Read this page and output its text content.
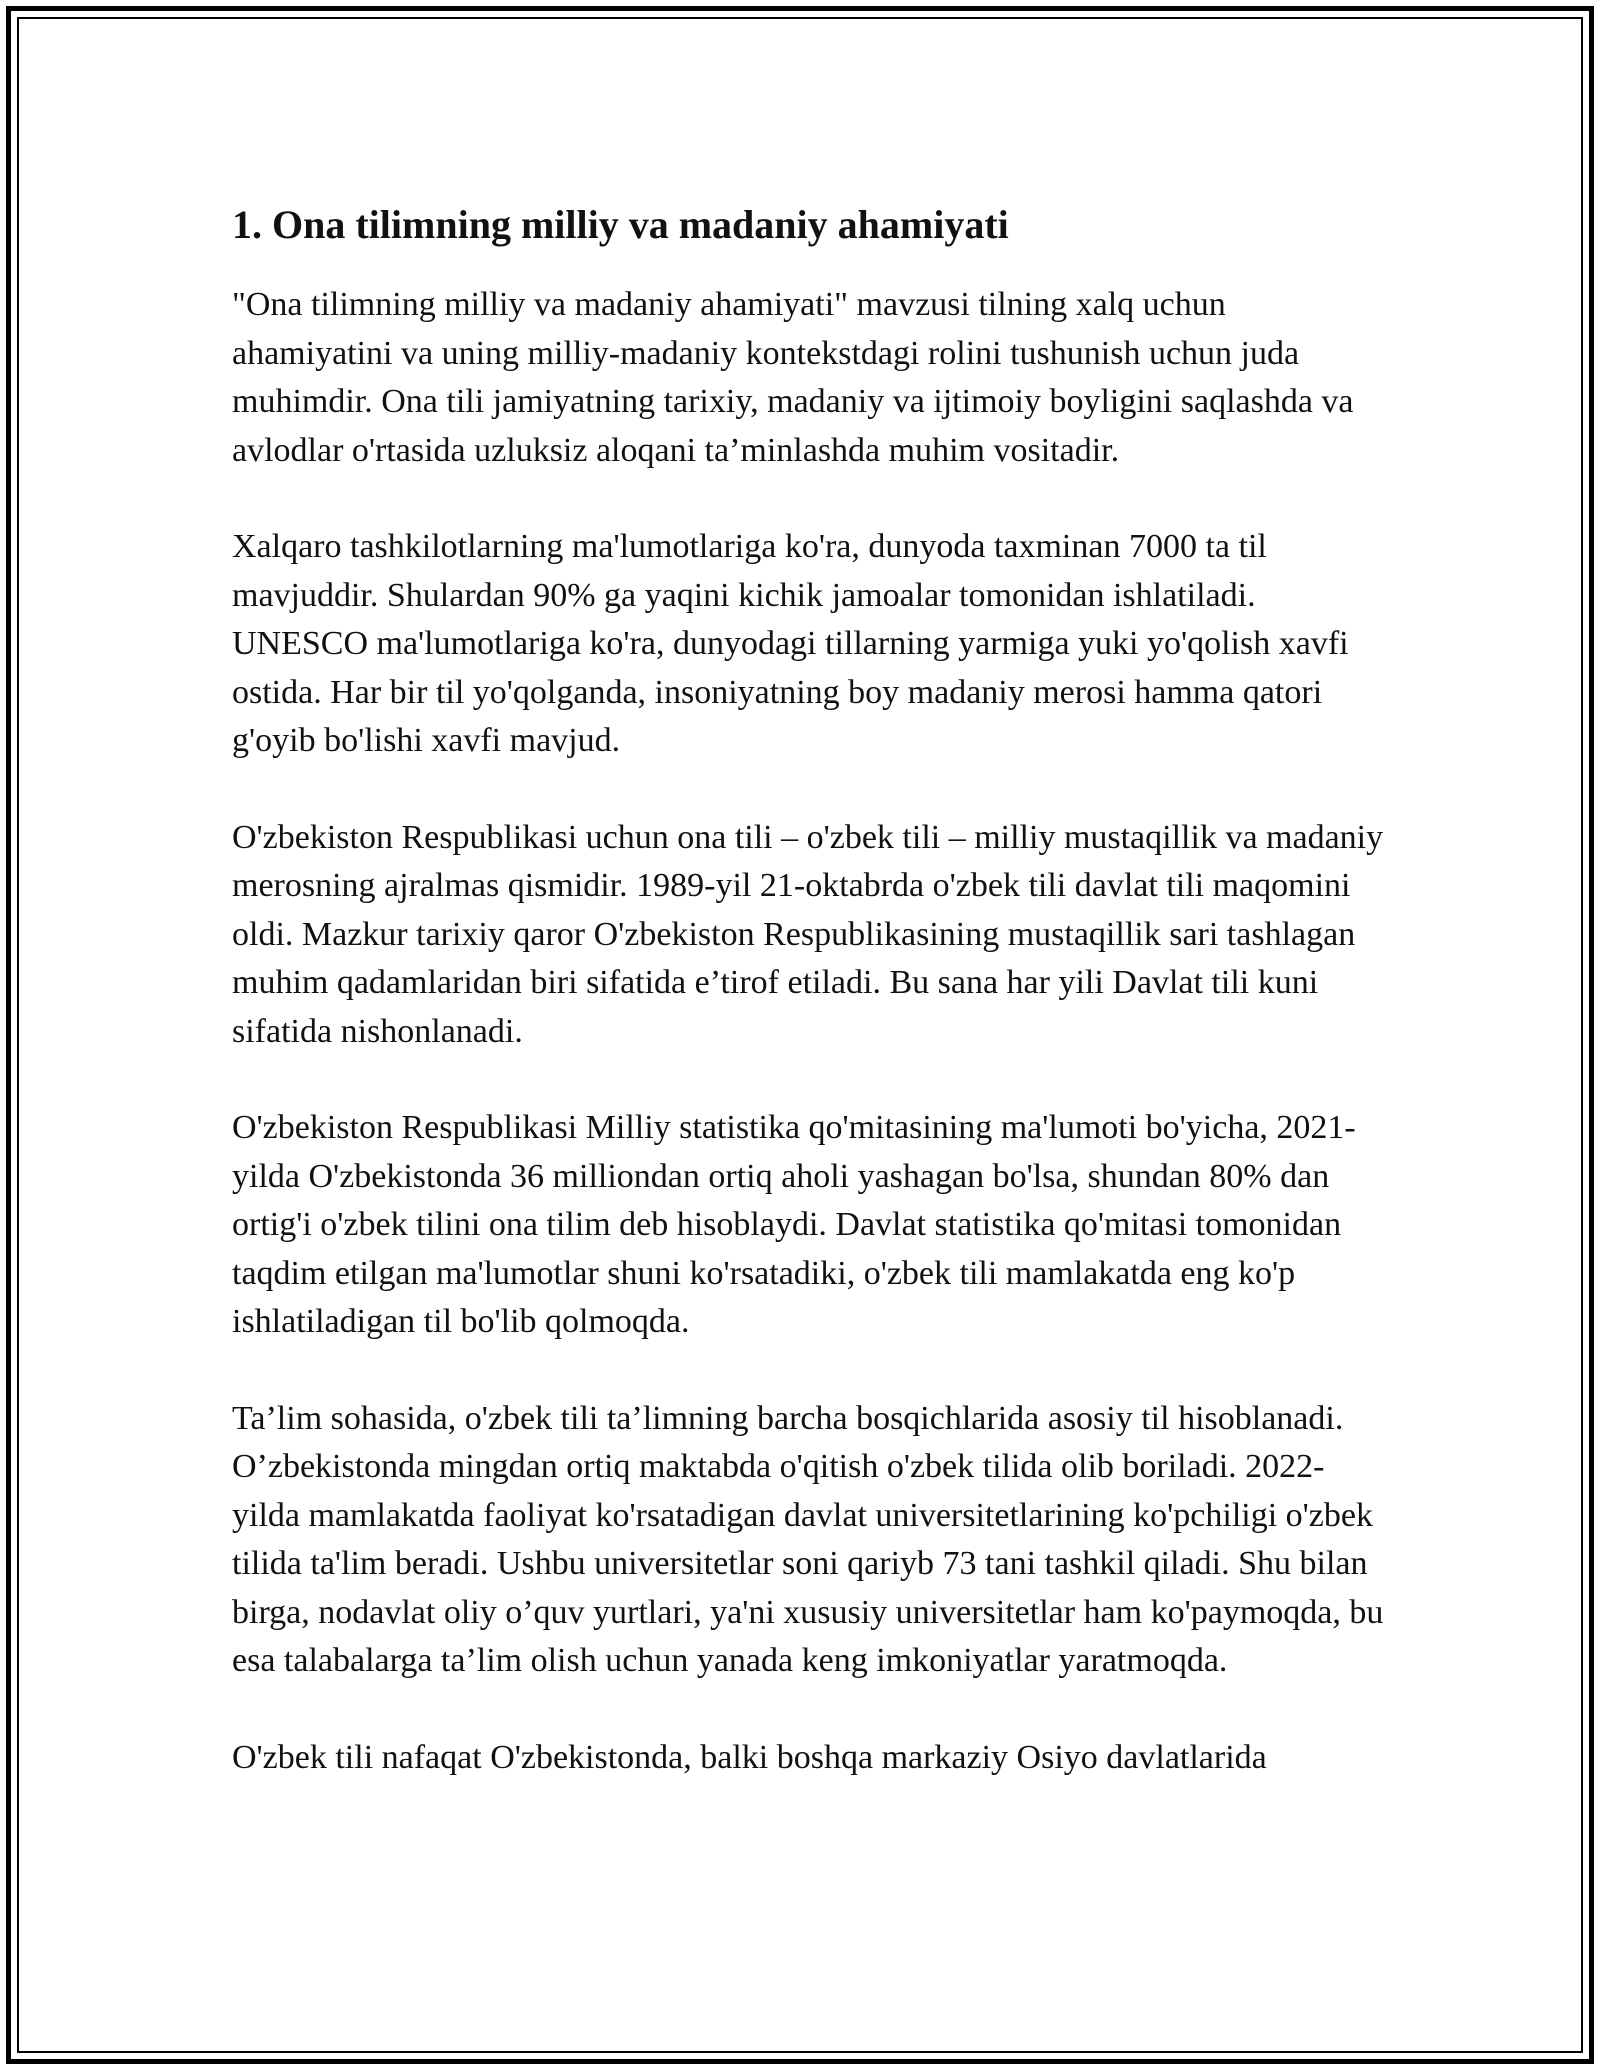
1. Ona tilimning milliy va madaniy ahamiyati

"Ona tilimning milliy va madaniy ahamiyati" mavzusi tilning xalq uchun ahamiyatini va uning milliy-madaniy kontekstdagi rolini tushunish uchun juda muhimdir. Ona tili jamiyatning tarixiy, madaniy va ijtimoiy boyligini saqlashda va avlodlar o'rtasida uzluksiz aloqani ta’minlashda muhim vositadir.

Xalqaro tashkilotlarning ma'lumotlariga ko'ra, dunyoda taxminan 7000 ta til mavjuddir. Shulardan 90% ga yaqini kichik jamoalar tomonidan ishlatiladi. UNESCO ma'lumotlariga ko'ra, dunyodagi tillarning yarmiga yuki yo'qolish xavfi ostida. Har bir til yo'qolganda, insoniyatning boy madaniy merosi hamma qatori g'oyib bo'lishi xavfi mavjud.

O'zbekiston Respublikasi uchun ona tili – o'zbek tili – milliy mustaqillik va madaniy merosning ajralmas qismidir. 1989-yil 21-oktabrda o'zbek tili davlat tili maqomini oldi. Mazkur tarixiy qaror O'zbekiston Respublikasining mustaqillik sari tashlagan muhim qadamlaridan biri sifatida e’tirof etiladi. Bu sana har yili Davlat tili kuni sifatida nishonlanadi.

O'zbekiston Respublikasi Milliy statistika qo'mitasining ma'lumoti bo'yicha, 2021-yilda O'zbekistonda 36 milliondan ortiq aholi yashagan bo'lsa, shundan 80% dan ortig'i o'zbek tilini ona tilim deb hisoblaydi. Davlat statistika qo'mitasi tomonidan taqdim etilgan ma'lumotlar shuni ko'rsatadiki, o'zbek tili mamlakatda eng ko'p ishlatiladigan til bo'lib qolmoqda.

Ta’lim sohasida, o'zbek tili ta’limning barcha bosqichlarida asosiy til hisoblanadi. O’zbekistonda mingdan ortiq maktabda o'qitish o'zbek tilida olib boriladi. 2022-yilda mamlakatda faoliyat ko'rsatadigan davlat universitetlarining ko'pchiligi o'zbek tilida ta'lim beradi. Ushbu universitetlar soni qariyb 73 tani tashkil qiladi. Shu bilan birga, nodavlat oliy o’quv yurtlari, ya'ni xususiy universitetlar ham ko'paymoqda, bu esa talabalarga ta’lim olish uchun yanada keng imkoniyatlar yaratmoqda.

O'zbek tili nafaqat O'zbekistonda, balki boshqa markaziy Osiyo davlatlarida
